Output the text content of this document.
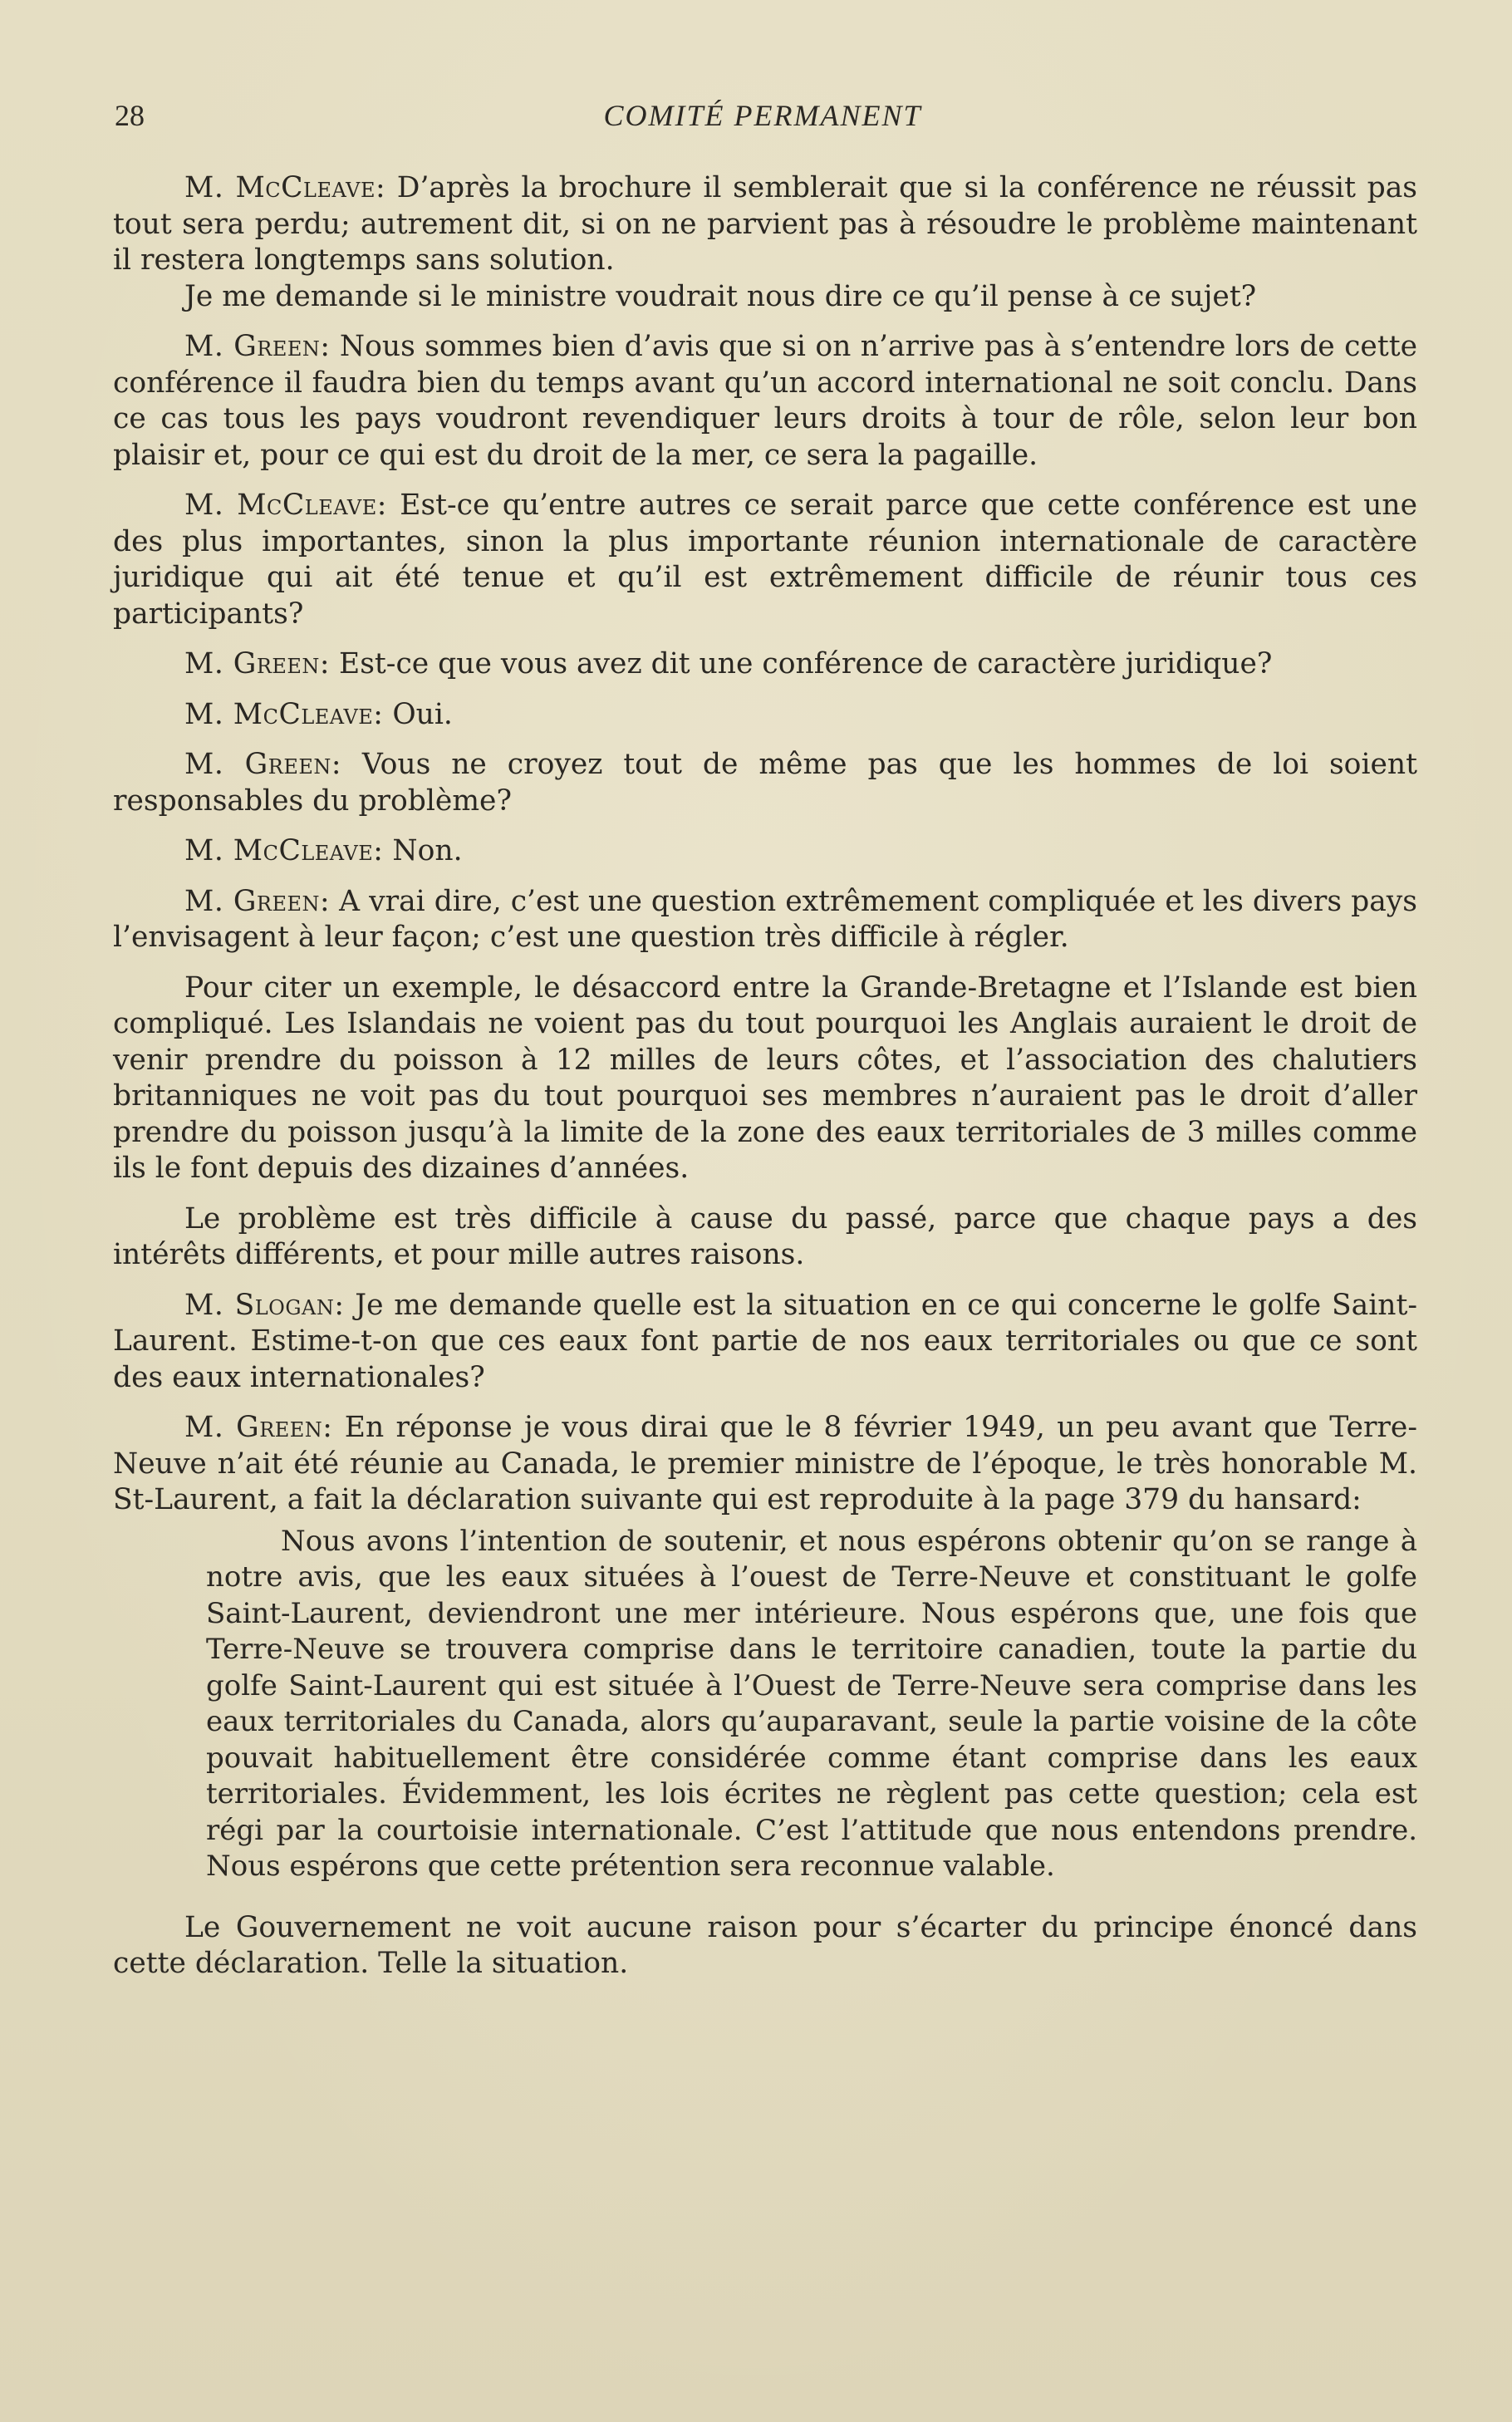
28	COMITÉ PERMANENT

M. McCleave: D’après la brochure il semblerait que si la conférence ne réussit pas tout sera perdu; autrement dit, si on ne parvient pas à résoudre le problème maintenant il restera longtemps sans solution.

Je me demande si le ministre voudrait nous dire ce qu’il pense à ce sujet?

M. Green: Nous sommes bien d’avis que si on n’arrive pas à s’entendre lors de cette conférence il faudra bien du temps avant qu’un accord international ne soit conclu. Dans ce cas tous les pays voudront revendiquer leurs droits à tour de rôle, selon leur bon plaisir et, pour ce qui est du droit de la mer, ce sera la pagaille.

M. McCleave: Est-ce qu’entre autres ce serait parce que cette conférence est une des plus importantes, sinon la plus importante réunion internationale de caractère juridique qui ait été tenue et qu’il est extrêmement difficile de réunir tous ces participants?

M. Green: Est-ce que vous avez dit une conférence de caractère juridique?

M. McCleave: Oui.

M. Green: Vous ne croyez tout de même pas que les hommes de loi soient responsables du problème?

M. McCleave: Non.

M. Green: A vrai dire, c’est une question extrêmement compliquée et les divers pays l’envisagent à leur façon; c’est une question très difficile à régler.

Pour citer un exemple, le désaccord entre la Grande-Bretagne et l’Islande est bien compliqué. Les Islandais ne voient pas du tout pourquoi les Anglais auraient le droit de venir prendre du poisson à 12 milles de leurs côtes, et l’association des chalutiers britanniques ne voit pas du tout pourquoi ses membres n’auraient pas le droit d’aller prendre du poisson jusqu’à la limite de la zone des eaux territoriales de 3 milles comme ils le font depuis des dizaines d’années.

Le problème est très difficile à cause du passé, parce que chaque pays a des intérêts différents, et pour mille autres raisons.

M. Slogan: Je me demande quelle est la situation en ce qui concerne le golfe Saint-Laurent. Estime-t-on que ces eaux font partie de nos eaux territoriales ou que ce sont des eaux internationales?

M. Green: En réponse je vous dirai que le 8 février 1949, un peu avant que Terre-Neuve n’ait été réunie au Canada, le premier ministre de l’époque, le très honorable M. St-Laurent, a fait la déclaration suivante qui est reproduite à la page 379 du hansard:

Nous avons l’intention de soutenir, et nous espérons obtenir qu’on se range à notre avis, que les eaux situées à l’ouest de Terre-Neuve et constituant le golfe Saint-Laurent, deviendront une mer intérieure. Nous espérons que, une fois que Terre-Neuve se trouvera comprise dans le territoire canadien, toute la partie du golfe Saint-Laurent qui est située à l’Ouest de Terre-Neuve sera comprise dans les eaux territoriales du Canada, alors qu’auparavant, seule la partie voisine de la côte pouvait habituellement être considérée comme étant comprise dans les eaux territoriales. Évidemment, les lois écrites ne règlent pas cette question; cela est régi par la courtoisie internationale. C’est l’attitude que nous entendons prendre. Nous espérons que cette prétention sera reconnue valable.

Le Gouvernement ne voit aucune raison pour s’écarter du principe énoncé dans cette déclaration. Telle la situation.
